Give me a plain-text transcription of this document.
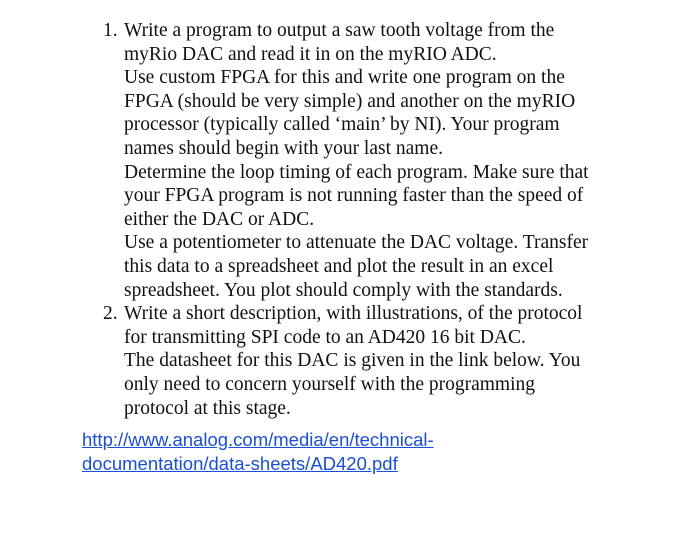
1. Write a program to output a saw tooth voltage from the
myRio DAC and read it in on the myRIO ADC.
Use custom FPGA for this and write one program on the
FPGA (should be very simple) and another on the myRIO
processor (typically called ‘main’ by NI). Your program
names should begin with your last name.
Determine the loop timing of each program. Make sure that
your FPGA program is not running faster than the speed of
either the DAC or ADC.
Use a potentiometer to attenuate the DAC voltage. Transfer
this data to a spreadsheet and plot the result in an excel
spreadsheet. You plot should comply with the standards.
2. Write a short description, with illustrations, of the protocol
for transmitting SPI code to an AD420 16 bit DAC.
The datasheet for this DAC is given in the link below. You
only need to concern yourself with the programming
protocol at this stage.
http://www.analog.com/media/en/technical-
documentation/data-sheets/AD420.pdf
